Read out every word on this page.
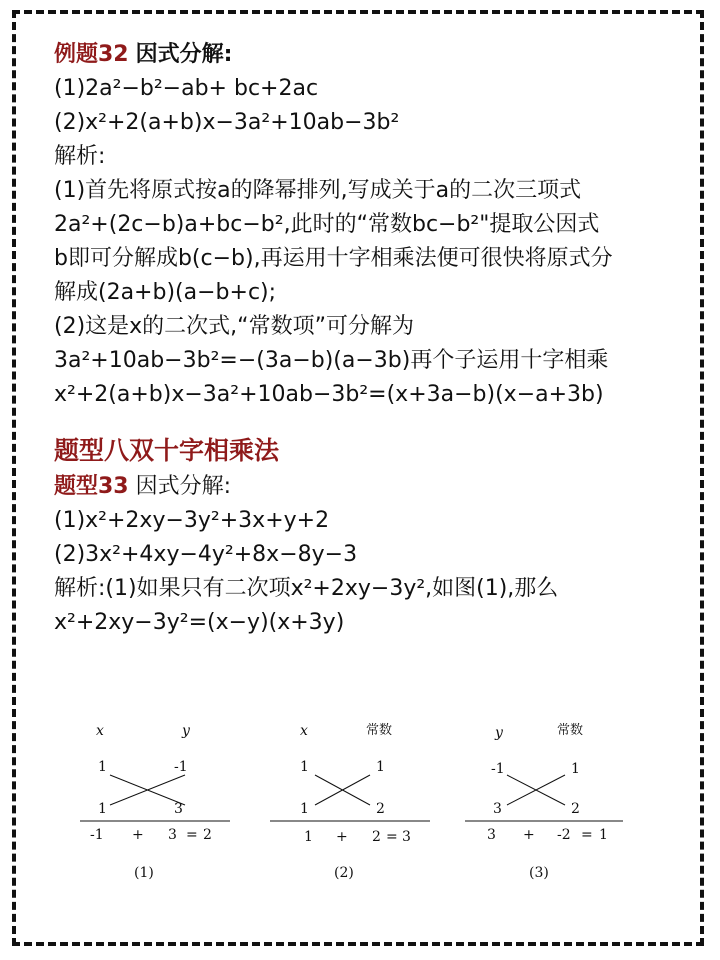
例题32 因式分解:
(1)2a²−b²−ab+ bc+2ac
(2)x²+2(a+b)x−3a²+10ab−3b²
解析:
(1)首先将原式按a的降幂排列,写成关于a的二次三项式
2a²+(2c−b)a+bc−b²,此时的“常数bc−b²"提取公因式
b即可分解成b(c−b),再运用十字相乘法便可很快将原式分
解成(2a+b)(a−b+c);
(2)这是x的二次式,“常数项”可分解为
3a²+10ab−3b²=−(3a−b)(a−3b)再个子运用十字相乘
x²+2(a+b)x−3a²+10ab−3b²=(x+3a−b)(x−a+3b)
题型八双十字相乘法
题型33 因式分解:
(1)x²+2xy−3y²+3x+y+2
(2)3x²+4xy−4y²+8x−8y−3
解析:(1)如果只有二次项x²+2xy−3y²,如图(1),那么
x²+2xy−3y²=(x−y)(x+3y)
x	y
1	-1
1	3
-1 + 3 = 2
(1)
x	常数
1	1
1	2
1 + 2 = 3
(2)
y	常数
-1	1
3	2
3 + -2 = 1
(3)
